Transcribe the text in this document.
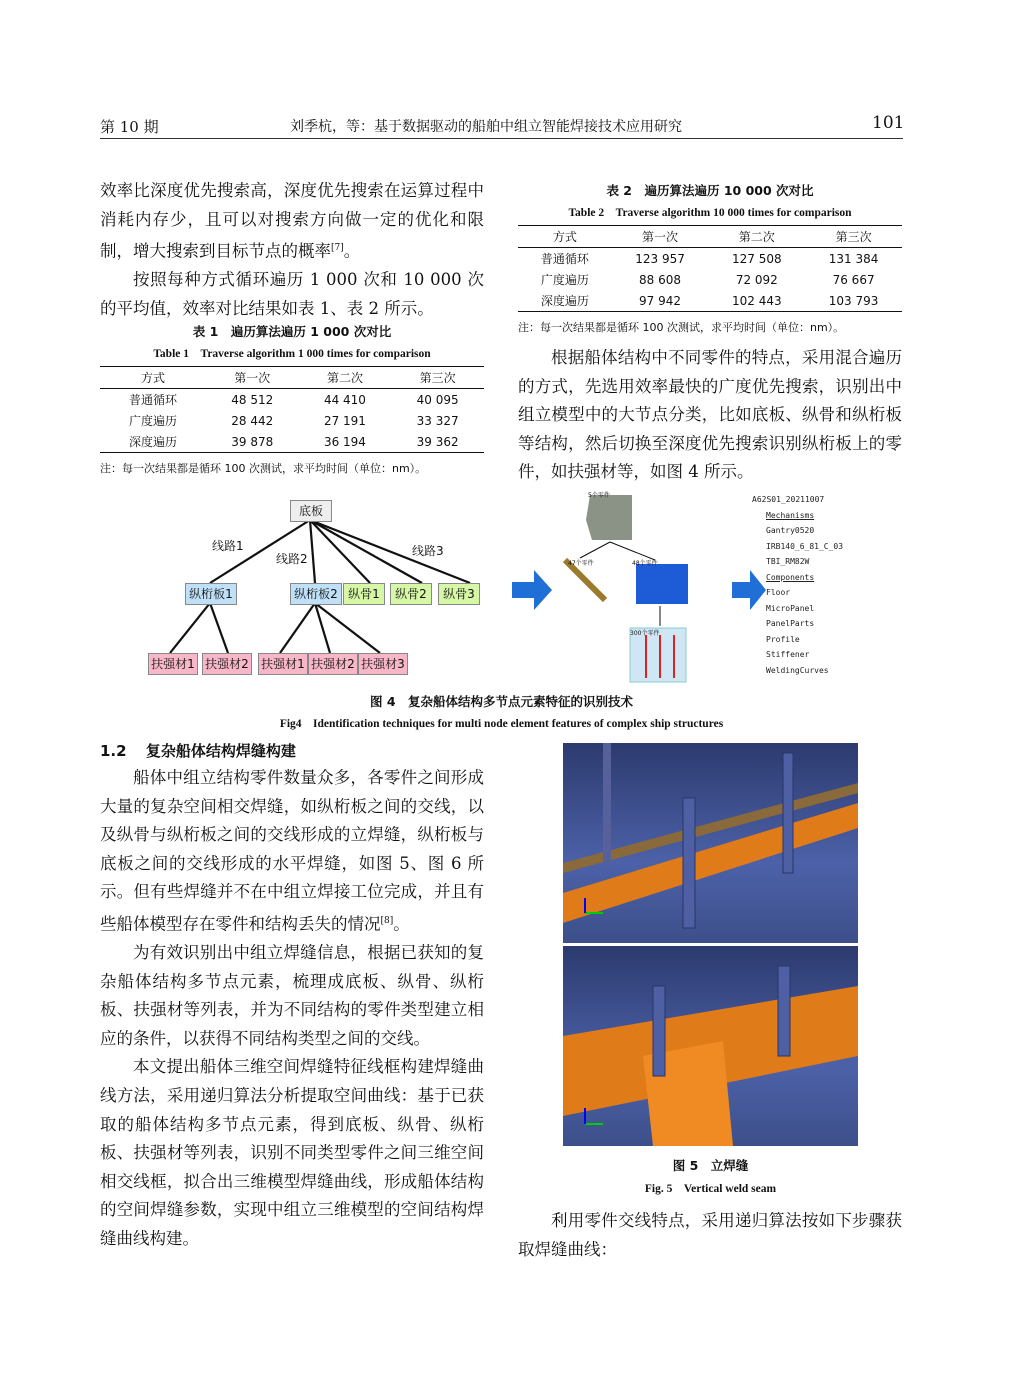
第 10 期	刘季杭，等：基于数据驱动的船舶中组立智能焊接技术应用研究	101

效率比深度优先搜索高，深度优先搜索在运算过程中消耗内存少，且可以对搜索方向做一定的优化和限制，增大搜索到目标节点的概率[7]。

按照每种方式循环遍历 1 000 次和 10 000 次的平均值，效率对比结果如表 1、表 2 所示。

表 1　遍历算法遍历 1 000 次对比
Table 1　Traverse algorithm 1 000 times for comparison
方式	第一次	第二次	第三次
普通循环	48 512	44 410	40 095
广度遍历	28 442	27 191	33 327
深度遍历	39 878	36 194	39 362
注：每一次结果都是循环 100 次测试，求平均时间（单位：nm）。
表 2　遍历算法遍历 10 000 次对比
Table 2　Traverse algorithm 10 000 times for comparison
方式	第一次	第二次	第三次
普通循环	123 957	127 508	131 384
广度遍历	88 608	72 092	76 667
深度遍历	97 942	102 443	103 793
注：每一次结果都是循环 100 次测试，求平均时间（单位：nm）。

根据船体结构中不同零件的特点，采用混合遍历的方式，先选用效率最快的广度优先搜索，识别出中组立模型中的大节点分类，比如底板、纵骨和纵桁板等结构，然后切换至深度优先搜索识别纵桁板上的零件，如扶强材等，如图 4 所示。

底板
线路1
线路2
线路3
纵桁板1	纵桁板2 纵骨1	纵骨2	纵骨3
扶强材1 扶强材2 扶强材1 扶强材2 扶强材3
5个零件
47个零件	48个零件
300个零件
A62S01_20211007
Mechanisms
Gantry0520
IRB140_6_81_C_03
TBI_RM82W
Components
Floor
MicroPanel
PanelParts
Profile
Stiffener
WeldingCurves
图 4　复杂船体结构多节点元素特征的识别技术
Fig4　Identification techniques for multi node element features of complex ship structures
1.2 复杂船体结构焊缝构建

船体中组立结构零件数量众多，各零件之间形成大量的复杂空间相交焊缝，如纵桁板之间的交线，以及纵骨与纵桁板之间的交线形成的立焊缝，纵桁板与底板之间的交线形成的水平焊缝，如图 5、图 6 所示。但有些焊缝并不在中组立焊接工位完成，并且有些船体模型存在零件和结构丢失的情况[8]。

为有效识别出中组立焊缝信息，根据已获知的复杂船体结构多节点元素，梳理成底板、纵骨、纵桁板、扶强材等列表，并为不同结构的零件类型建立相应的条件，以获得不同结构类型之间的交线。

本文提出船体三维空间焊缝特征线框构建焊缝曲线方法，采用递归算法分析提取空间曲线：基于已获取的船体结构多节点元素，得到底板、纵骨、纵桁板、扶强材等列表，识别不同类型零件之间三维空间相交线框，拟合出三维模型焊缝曲线，形成船体结构的空间焊缝参数，实现中组立三维模型的空间结构焊缝曲线构建。

图 5　立焊缝
Fig. 5　Vertical weld seam

利用零件交线特点，采用递归算法按如下步骤获取焊缝曲线：
